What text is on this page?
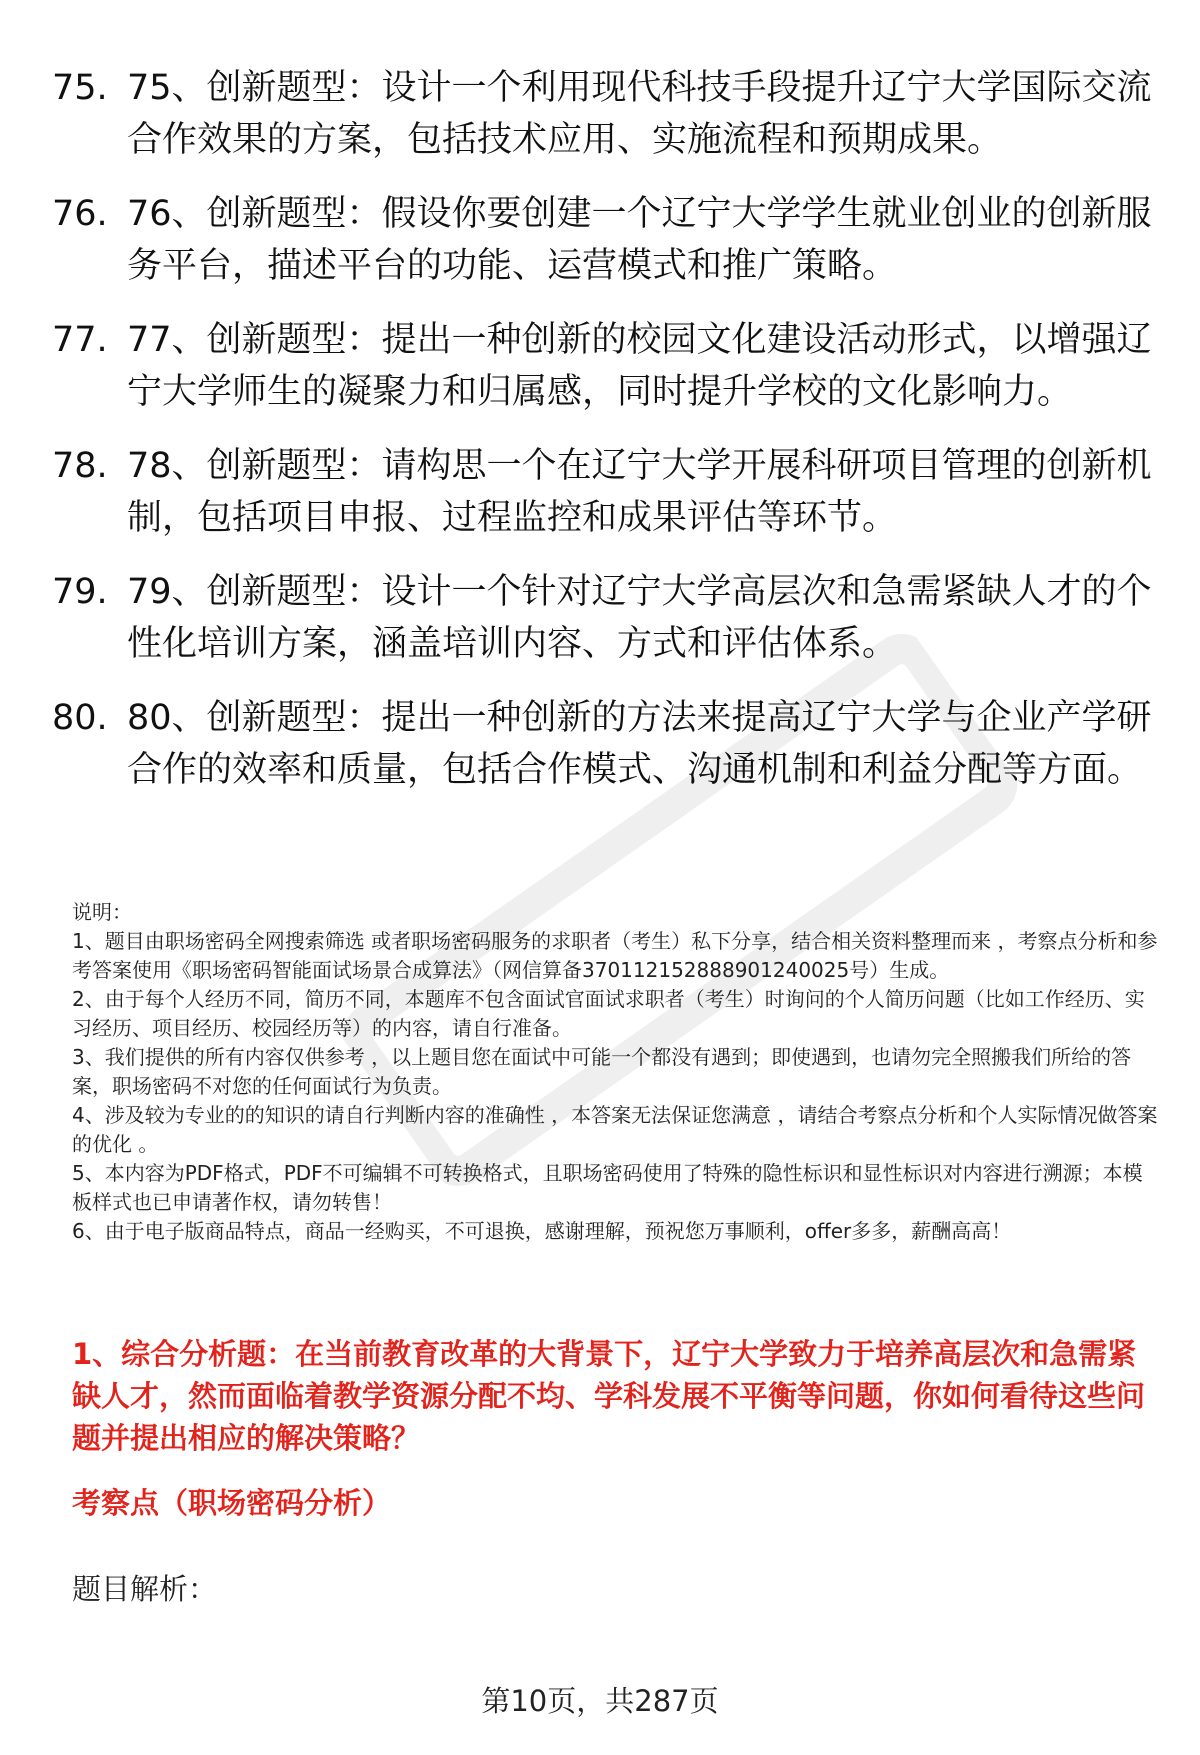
75. 75、创新题型：设计一个利用现代科技手段提升辽宁大学国际交流合作效果的方案，包括技术应用、实施流程和预期成果。
76. 76、创新题型：假设你要创建一个辽宁大学学生就业创业的创新服务平台，描述平台的功能、运营模式和推广策略。
77. 77、创新题型：提出一种创新的校园文化建设活动形式，以增强辽宁大学师生的凝聚力和归属感，同时提升学校的文化影响力。
78. 78、创新题型：请构思一个在辽宁大学开展科研项目管理的创新机制，包括项目申报、过程监控和成果评估等环节。
79. 79、创新题型：设计一个针对辽宁大学高层次和急需紧缺人才的个性化培训方案，涵盖培训内容、方式和评估体系。
80. 80、创新题型：提出一种创新的方法来提高辽宁大学与企业产学研合作的效率和质量，包括合作模式、沟通机制和利益分配等方面。

说明：

1、题目由职场密码全网搜索筛选 或者职场密码服务的求职者（考生）私下分享，结合相关资料整理而来 ，考察点分析和参考答案使用《职场密码智能面试场景合成算法》（网信算备370112152888901240025号）生成。

2、由于每个人经历不同，简历不同，本题库不包含面试官面试求职者（考生）时询问的个人简历问题（比如工作经历、实习经历、项目经历、校园经历等）的内容，请自行准备。

3、我们提供的所有内容仅供参考 ，以上题目您在面试中可能一个都没有遇到；即使遇到，也请勿完全照搬我们所给的答案，职场密码不对您的任何面试行为负责。

4、涉及较为专业的的知识的请自行判断内容的准确性 ，本答案无法保证您满意 ，请结合考察点分析和个人实际情况做答案的优化 。

5、本内容为PDF格式，PDF不可编辑不可转换格式，且职场密码使用了特殊的隐性标识和显性标识对内容进行溯源；本模板样式也已申请著作权，请勿转售！

6、由于电子版商品特点，商品一经购买，不可退换，感谢理解，预祝您万事顺利，offer多多，薪酬高高！

1、综合分析题：在当前教育改革的大背景下，辽宁大学致力于培养高层次和急需紧缺人才，然而面临着教学资源分配不均、学科发展不平衡等问题，你如何看待这些问题并提出相应的解决策略？
考察点（职场密码分析）
题目解析：
第10页，共287页
